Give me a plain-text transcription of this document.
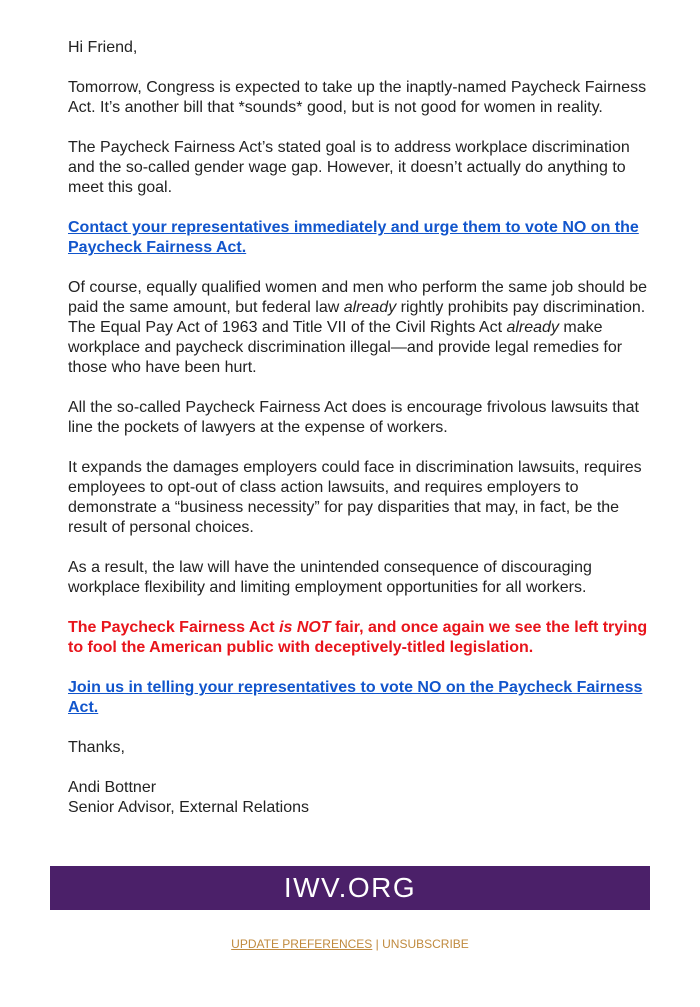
Hi Friend,

Tomorrow, Congress is expected to take up the inaptly-named Paycheck Fairness Act. It’s another bill that *sounds* good, but is not good for women in reality.

The Paycheck Fairness Act’s stated goal is to address workplace discrimination and the so-called gender wage gap. However, it doesn’t actually do anything to meet this goal.

Contact your representatives immediately and urge them to vote NO on the Paycheck Fairness Act.

Of course, equally qualified women and men who perform the same job should be paid the same amount, but federal law already rightly prohibits pay discrimination. The Equal Pay Act of 1963 and Title VII of the Civil Rights Act already make workplace and paycheck discrimination illegal—and provide legal remedies for those who have been hurt.

All the so-called Paycheck Fairness Act does is encourage frivolous lawsuits that line the pockets of lawyers at the expense of workers.

It expands the damages employers could face in discrimination lawsuits, requires employees to opt-out of class action lawsuits, and requires employers to demonstrate a “business necessity” for pay disparities that may, in fact, be the result of personal choices.

As a result, the law will have the unintended consequence of discouraging workplace flexibility and limiting employment opportunities for all workers.

The Paycheck Fairness Act is NOT fair, and once again we see the left trying to fool the American public with deceptively-titled legislation.

Join us in telling your representatives to vote NO on the Paycheck Fairness Act.

Thanks,

Andi Bottner
Senior Advisor, External Relations

IWV.ORG
UPDATE PREFERENCES | UNSUBSCRIBE
